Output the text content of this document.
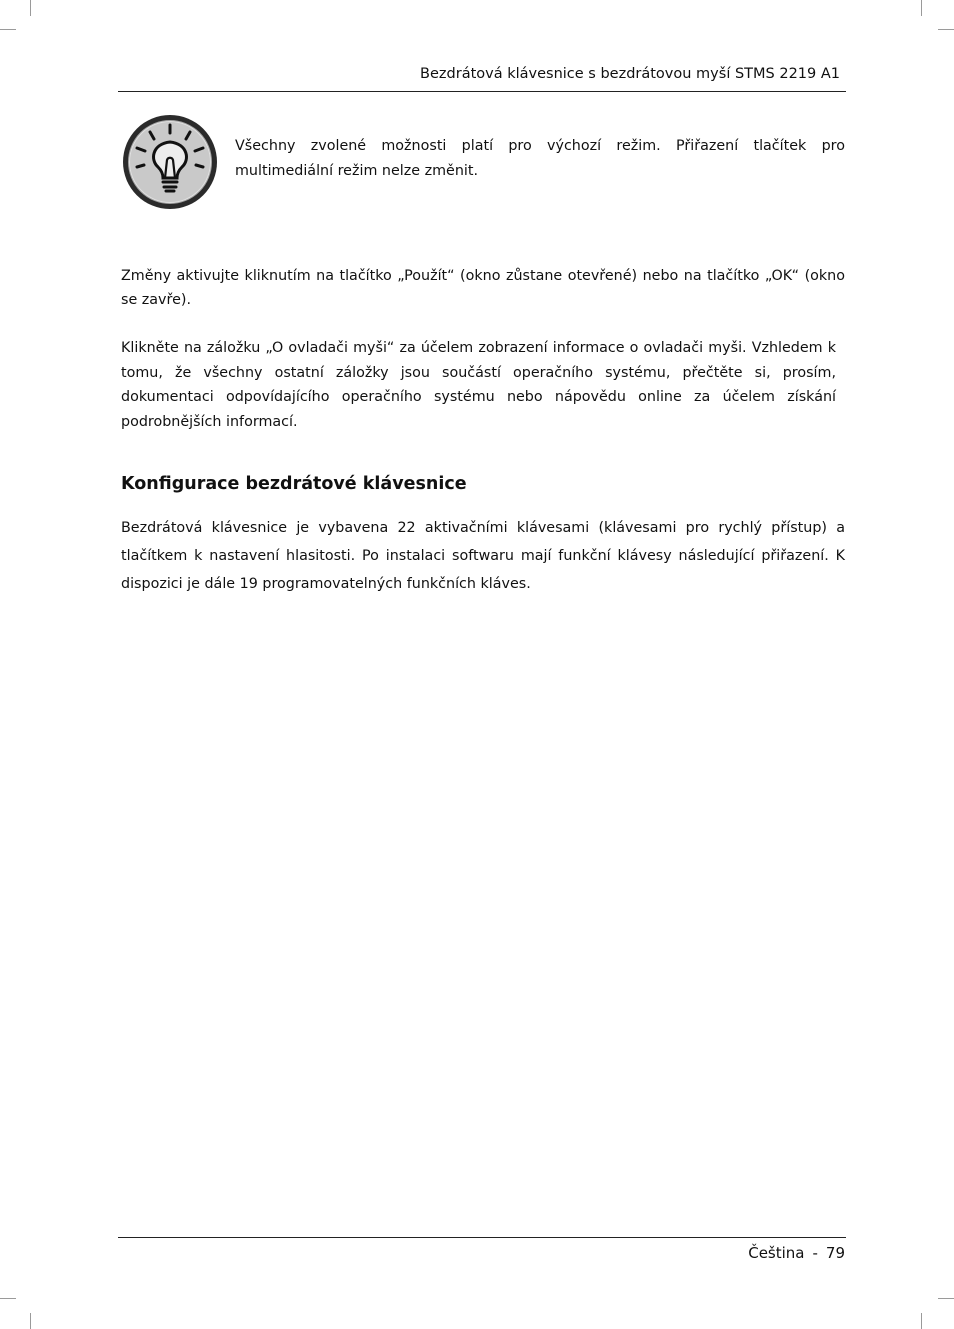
Bezdrátová klávesnice s bezdrátovou myší STMS 2219 A1
Všechny zvolené možnosti platí pro výchozí režim. Přiřazení tlačítek pro multimediální režim nelze změnit.
Změny aktivujte kliknutím na tlačítko „Použít“ (okno zůstane otevřené) nebo na tlačítko „OK“ (okno se zavře).
Klikněte na záložku „O ovladači myši“ za účelem zobrazení informace o ovladači myši. Vzhledem k tomu, že všechny ostatní záložky jsou součástí operačního systému, přečtěte si, prosím, dokumentaci odpovídajícího operačního systému nebo nápovědu online za účelem získání podrobnějších informací.
Konfigurace bezdrátové klávesnice
Bezdrátová klávesnice je vybavena 22 aktivačními klávesami (klávesami pro rychlý přístup) a tlačítkem k nastavení hlasitosti. Po instalaci softwaru mají funkční klávesy následující přiřazení. K dispozici je dále 19 programovatelných funkčních kláves.
Čeština - 79
